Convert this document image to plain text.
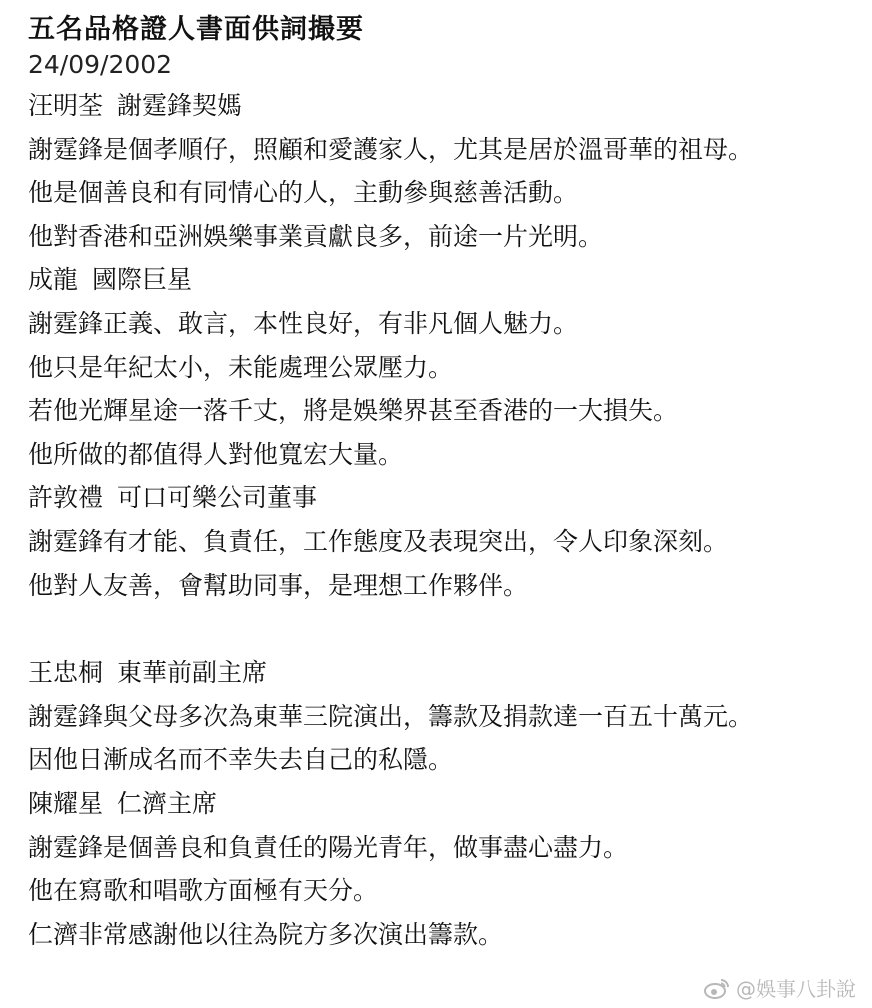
五名品格證人書面供詞撮要
24/09/2002
汪明荃 謝霆鋒契媽
謝霆鋒是個孝順仔，照顧和愛護家人，尤其是居於溫哥華的祖母。
他是個善良和有同情心的人，主動參與慈善活動。
他對香港和亞洲娛樂事業貢獻良多，前途一片光明。
成龍 國際巨星
謝霆鋒正義、敢言，本性良好，有非凡個人魅力。
他只是年紀太小，未能處理公眾壓力。
若他光輝星途一落千丈，將是娛樂界甚至香港的一大損失。
他所做的都值得人對他寬宏大量。
許敦禮 可口可樂公司董事
謝霆鋒有才能、負責任，工作態度及表現突出，令人印象深刻。
他對人友善，會幫助同事，是理想工作夥伴。
王忠桐 東華前副主席
謝霆鋒與父母多次為東華三院演出，籌款及捐款達一百五十萬元。
因他日漸成名而不幸失去自己的私隱。
陳耀星 仁濟主席
謝霆鋒是個善良和負責任的陽光青年，做事盡心盡力。
他在寫歌和唱歌方面極有天分。
仁濟非常感謝他以往為院方多次演出籌款。
@娛事八卦說
